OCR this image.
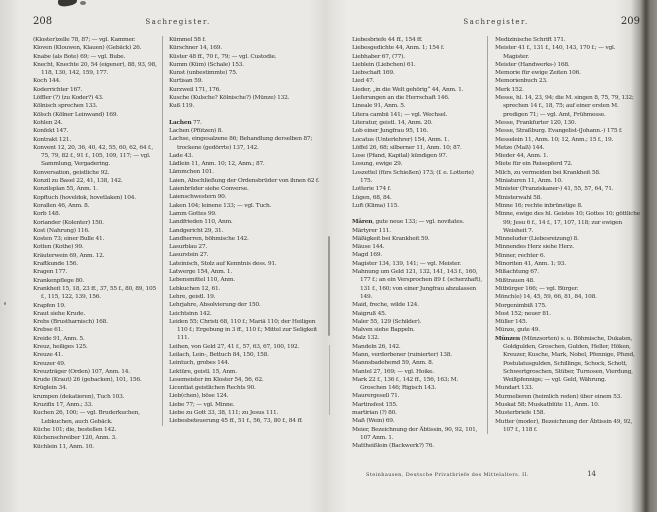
208	Sachregister.
(Kloster)zelle 78, 87; — vgl. Kammer.
Kloven (Klouwen, Klauen) (Gebäck) 26.
Knabe (als Bote) 69; — vgl. Bube.
Knecht, Knechte 20, 54 (eigener), 88, 93, 98, 118, 130, 142, 159, 177.
Koch 144.
Koderrichter 167.
Löffler (?) (zu Koder?) 43.
Kölnisch sprechen 133.
Kölsch (Kölner Leinwand) 169.
Kohlen 24.
Konfekt 147.
Kontrakt 121.
Konvent 12, 20, 36, 40, 42, 55, 60, 62, 64 f., 75, 79, 82 f., 91 f., 105, 109, 117; — vgl. Sammlung, Vergadering.
Konversation, geistliche 92.
Konzil zu Basel 22, 41, 138, 142.
Konzilsplan 55, Anm. 1.
Kopftuch (hoveldok, hovetlaken) 104.
Korallen 46, Anm. 8.
Korb 148.
Koriander (Kolenter) 150.
Kost (Nahrung) 116.
Kosten 73; einer Bulle 41.
Kotten (Kothe) 99.
Kräuterwein 69, Anm. 12.
Kraftkunde 156.
Kragen 177.
Krankenpflege 80.
Krankheit 15, 18, 23 ff., 37, 55 f., 80, 89, 105 f., 115, 122, 139, 156.
Krapfen 19.
Kraut siehe Krude.
Krebs (Brustharnisch) 168.
Krebse 61.
Kreide 91, Anm. 5.
Kreuz, heiliges 125.
Kreuze 41.
Kreuzer 49.
Kreuzträger (Orden) 107, Anm. 14.
Krude (Kraut) 26 (gebacken), 101, 156.
Krüglein 34.
krumpen (dekatieren), Tuch 103.
Kruzifix 17, Anm.; 33.
Kuchen 26, 100; — vgl. Bruderkuchen, Lebkuchen, auch Gebäck.
Küche 101; die, bestellen 142.
Küchenschreiber 120, Anm. 3.
Küchlein 11, Anm. 10.
Kümmel 58 f.
Kürschner 14, 169.
Küster 48 ff., 70 f., 79; — vgl. Custodie.
Kumm (Küm) (Schale) 153.
Kunst (unbestimmte) 75.
Kurtisan 59.
Kurzweil 171, 176.
Kusche (Kulsche? Kölnische?) (Münze) 132.
Kuß 119.
Lachen 77.
Lachen (Pfützen) 8.
Lachse, eingesalzene 86; Behandlung derselben 87; trockene (gedörrte) 137, 142.
Lade 43.
Lädlein 11, Anm. 10; 12, Anm.; 87.
Lämmchen 101.
Laien, Abschließung der Ordensbrüder von ihnen 62 f.
Laienbrüder siehe Converse.
Laienschwestern 90.
Laken 104; leinene 133; — vgl. Tuch.
Lamm Gottes 99.
Landfrieden 110, Anm.
Landgericht 29, 31.
Landherren, böhmische 142.
Lasurblau 27.
Lasurstein 27.
Lateinisch, Stolz auf Kenntnis dess. 91.
Latwerge 154, Anm. 1.
Lebensmittel 110, Anm.
Lebkuchen 12, 61.
Lehre, geistl. 19.
Lehrjahre, Absolvierung der 150.
Leichtsinn 142.
Leiden 55; Christi 68, 110 f.; Mariä 110; der Heiligen 110 f.; Ergebung in 3 ff., 110 f.; Mittel zur Seligkeit 111.
Leihen, von Geld 27, 41 f., 57, 63, 67, 100, 192.
Leilach, Lein-, Bettuch 84, 150, 158.
Leintuch, grobes 144.
Lektüre, geistl. 15, Anm.
Lesemeister im Kloster 54, 56, 62.
Licentiat geistlichen Rechts 90.
Lieb(chen), böse 124.
Liebe 77; — vgl. Minne.
Liebe zu Gott 33, 38, 111; zu Jesus 111.
Liebesbeteuerung 45 ff., 51 f., 56, 73, 80 f., 84 ff.
Sachregister.	209
Liebesbriefe 44 ff., 154 ff.
Liebesgedichte 44, Anm. 1; 154 f.
Liebhaber 67, (77).
Lieblein (Liebchen) 61.
Liebschaft 169.
Lied 47.
Lieder, „in die Welt gehörig“ 44, Anm. 1.
Lieferungen an die Herrschaft 146.
Lineale 91, Anm. 5.
Litera cambii 141; — vgl. Wechsel.
Literatur, geistl. 14, Anm. 20.
Lob einer Jungfrau 95, 116.
Locatus (Unterlehrer) 154, Anm. 1.
Löffel 26, 68; silberner 11, Anm. 10; 87.
Lose (Pfand, Kapital) kündigen 97.
Losung, ewige 29.
Loszettel (fürs Schießen) 173; (f. e. Lotterie) 175.
Lotterie 174 f.
Lügen, 68, 84.
Luft (Klima) 115.
Mären, gute neue 133; — vgl. novitates.
Märtyrer 111.
Mäßigkeit bei Krankheit 59.
Mäuse 144.
Magd 169.
Magister 134, 139, 141; — vgl. Meister.
Mahnung um Geld 121, 132, 141, 143 f., 160, 177 f.; an ein Versprochen 89 f. (scherzhaft), 131 f., 160; von einer Jungfrau abzulassen 149.
Maid, freche, wilde 124.
Maigruß 45.
Maler 55, 129 (Schilder).
Malven siehe Bappeln.
Malz 132.
Mandeln 26, 142.
Mann, verdorbener (ruinierter) 138.
Mannsbadehemd 59, Anm. 8.
Mantel 27, 169; — vgl. Hoike.
Mark 22 f., 136 f., 142 ff., 156, 163; M. Groschen 146; Rigisch 143.
Maurergesell 71.
Martinsfest 155.
martirian (?) 80.
Maß (Wein) 69.
Meier, Bezeichnung der Äbtissin, 90, 92, 101, 107 Anm. 1.
Mattheißlein (Backwerk?) 76.
Medizinische Schrift 171.
Meister 41 f., 131 f., 140, 143, 170 f.; — vgl. Magister.
Meister (Handwerks-) 168.
Memorie für ewige Zeiten 106.
Memorienbuch 23.
Merk 152.
Messe, hl. 14, 23, 94; die M. singen 8, 75, 79, 132; sprechen 14 f., 18, 75; auf einer ersten M. predigen 71; — vgl. Amt, Frühmesse.
Messe, Frankfurter 120, 130.
Messe, Straßburg. Evangelist-(Johann.-) 175 f.
Messelein 11, Anm. 10; 12, Anm.; 15 f., 19.
Metze (Maß) 144.
Mieder 44, Anm. 1.
Miete für ein Reisepferd 72.
Milch, zu vermeiden bei Krankheit 58.
Miniaturen 11, Anm. 10.
Minister (Franziskaner-) 41, 55, 57, 64, 71.
Ministerwahl 58.
Minne 16; rechte inbrünstige 8.
Minne, ewige des hl. Geistes 10; Gottes 10; göttliche 99; Jesu 6 f., 14 f., 17, 107, 118; zur ewigen Weisheit 7.
Minneluder (Liebesreizung) 8.
Minnendes Herz siehe Herz.
Minner, rechter 6.
Minoriten 41, Anm. 1; 93.
Mißachtung 67.
Mißtrauen 48.
Mitbürger 166; — vgl. Bürger.
Mönch(e) 14, 45, 59, 66, 81, 84, 108.
Morgenimbiß 175.
Most 152; neuer 81.
Müller 145.
Münze, gute 49.
Münzen (Münzsorten) s. u. Böhmische, Dukaten, Goldgulden, Groschen, Gulden, Heller, Höken, Kreuzer, Kusche, Mark, Nobel, Pfennige, Pfund, Postulatusgulden, Schillinge, Schock, Schott, Schwertgroschen, Stüber, Turnosen, Vierdung, Weißpfennige; — vgl. Geld, Währung.
Mundart 133.
Murmelieren (heimlich reden) über einem 53.
Muskat 58; Muskatblüte 11, Anm. 10.
Musterbriefe 158.
Mutter (moder), Bezeichnung der Äbtissin 49, 92, 107 f., 118 f.
Steinhausen, Deutsche Privatbriefe des Mittelalters. II.	14
